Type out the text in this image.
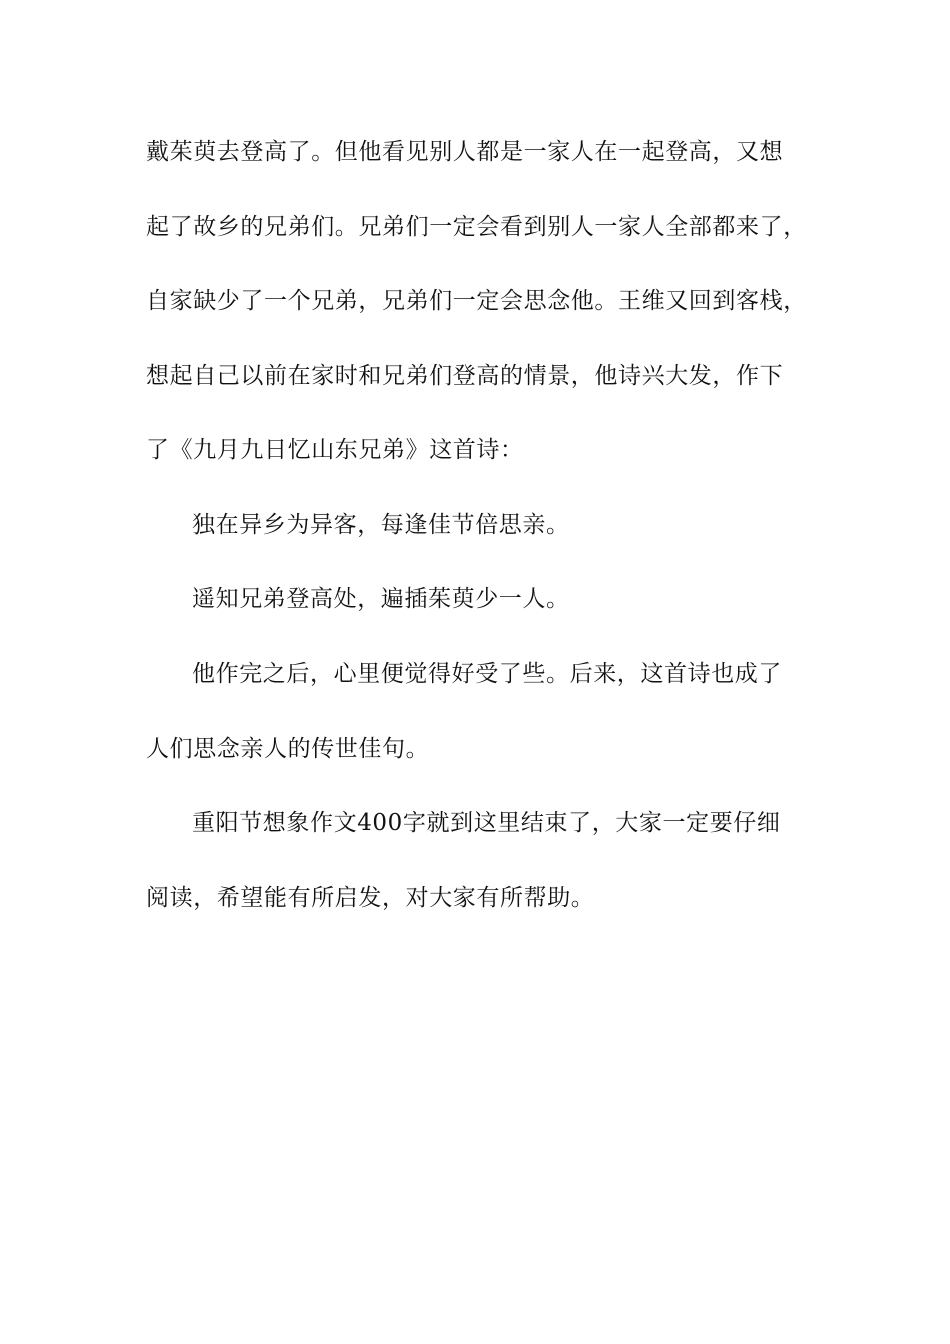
戴茱萸去登高了。但他看见别人都是一家人在一起登高，又想

起了故乡的兄弟们。兄弟们一定会看到别人一家人全部都来了，

自家缺少了一个兄弟，兄弟们一定会思念他。王维又回到客栈，

想起自己以前在家时和兄弟们登高的情景，他诗兴大发，作下

了《九月九日忆山东兄弟》这首诗：

独在异乡为异客，每逢佳节倍思亲。

遥知兄弟登高处，遍插茱萸少一人。

他作完之后，心里便觉得好受了些。后来，这首诗也成了

人们思念亲人的传世佳句。

重阳节想象作文400字就到这里结束了，大家一定要仔细

阅读，希望能有所启发，对大家有所帮助。
